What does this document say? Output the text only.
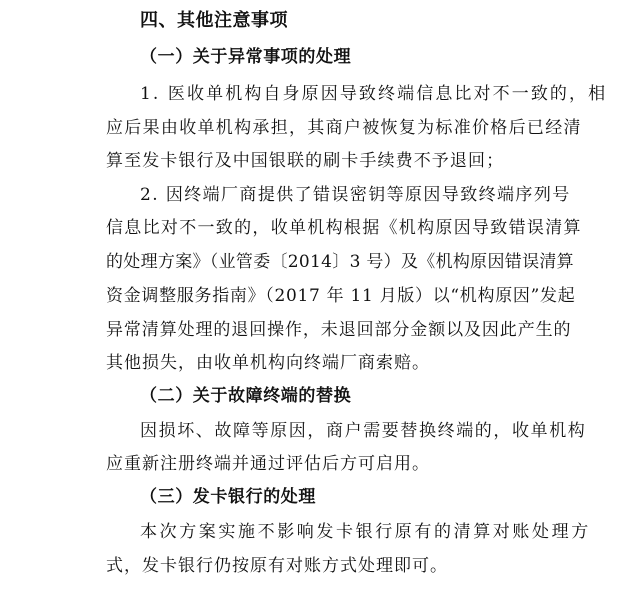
四、其他注意事项
（一）关于异常事项的处理
1. 医收单机构自身原因导致终端信息比对不一致的，相
应后果由收单机构承担，其商户被恢复为标准价格后已经清
算至发卡银行及中国银联的刷卡手续费不予退回；
2. 因终端厂商提供了错误密钥等原因导致终端序列号
信息比对不一致的，收单机构根据《机构原因导致错误清算
的处理方案》（业管委〔2014〕3 号）及《机构原因错误清算
资金调整服务指南》（2017 年 11 月版）以“机构原因”发起
异常清算处理的退回操作，未退回部分金额以及因此产生的
其他损失，由收单机构向终端厂商索赔。
（二）关于故障终端的替换
因损坏、故障等原因，商户需要替换终端的，收单机构
应重新注册终端并通过评估后方可启用。
（三）发卡银行的处理
本次方案实施不影响发卡银行原有的清算对账处理方
式，发卡银行仍按原有对账方式处理即可。
